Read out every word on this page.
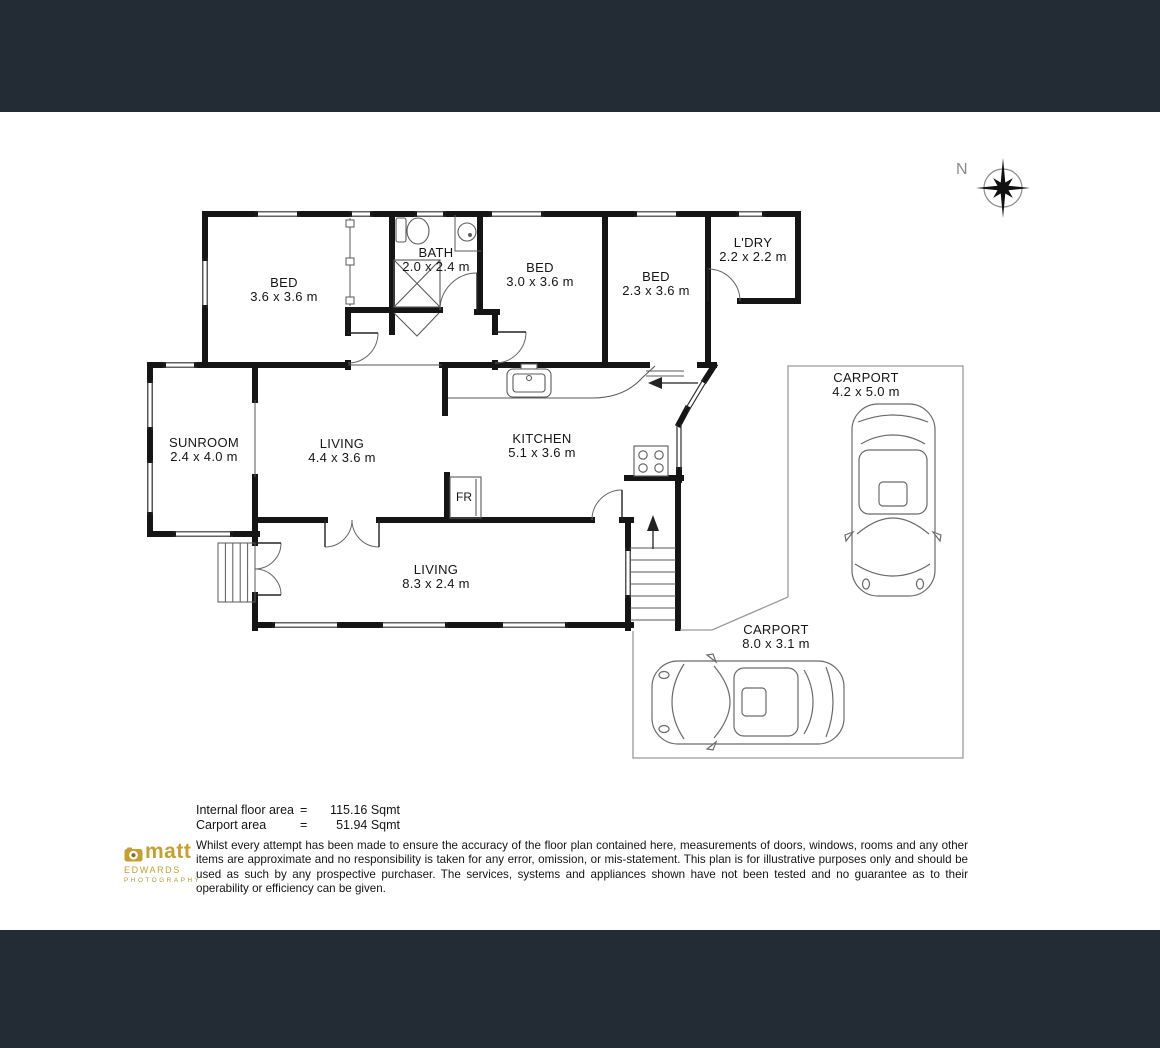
BED
3.6 x 3.6 m
BATH
2.0 x 2.4 m	BED
3.0 x 3.6 m	BED
2.3 x 3.6 m
L'DRY
2.2 x 2.2 m
SUNROOM
2.4 x 4.0 m
LIVING
4.4 x 3.6 m
KITCHEN
5.1 x 3.6 m
LIVING
8.3 x 2.4 m
CARPORT
4.2 x 5.0 m
CARPORT
8.0 x 3.1 m
FR
N
Internal floor area = 115.16 Sqmt
Carport area	= 51.94 Sqmt
Whilst every attempt has been made to ensure the accuracy of the floor plan contained here, measurements of doors, windows, rooms and any other items are approximate and no responsibility is taken for any error, omission, or mis-statement. This plan is for illustrative purposes only and should be used as such by any prospective purchaser. The services, systems and appliances shown have not been tested and no guarantee as to their operability or efficiency can be given.
matt
edwards
PHOTOGRAPHY
